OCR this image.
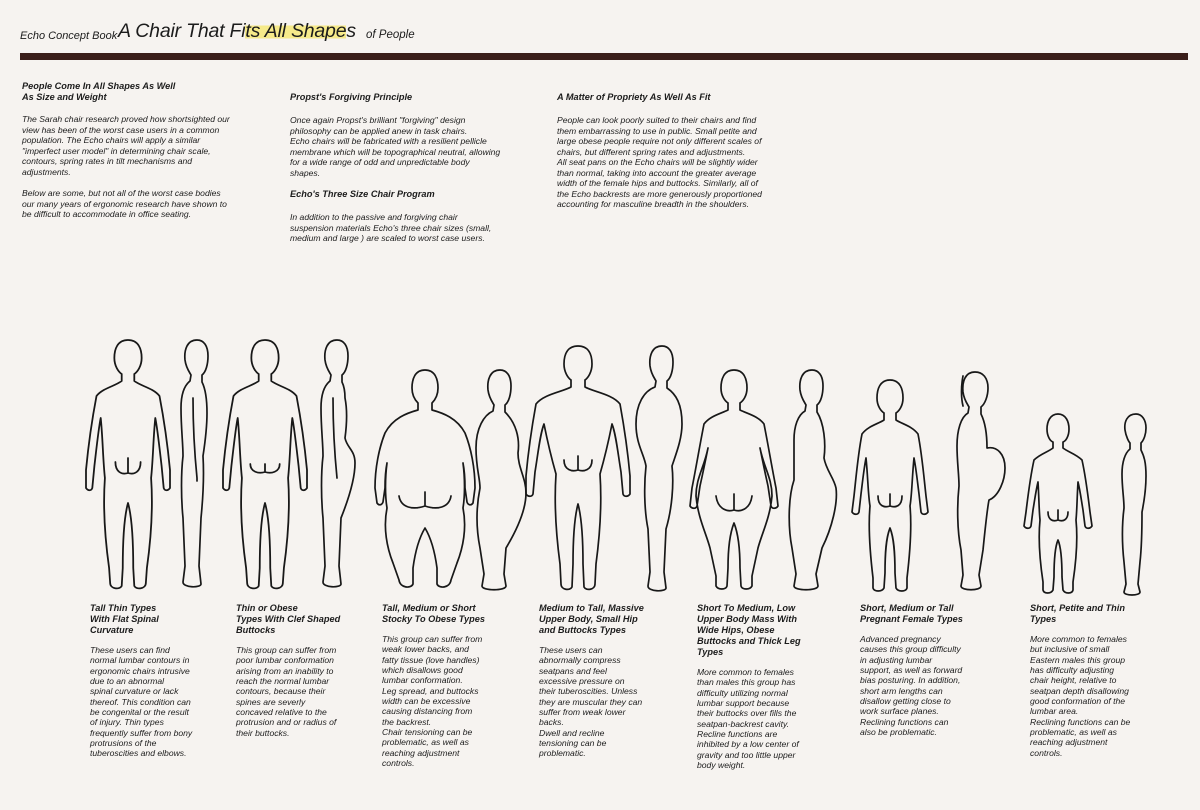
Echo Concept Book A Chair That Fits All Shapes of People
People Come In All Shapes As Well
As Size and Weight

The Sarah chair research proved how shortsighted our
view has been of the worst case users in a common
population. The Echo chairs will apply a similar
"imperfect user model" in determining chair scale,
contours, spring rates in tilt mechanisms and
adjustments.

Below are some, but not all of the worst case bodies
our many years of ergonomic research have shown to
be difficult to accommodate in office seating.

Propst's Forgiving Principle

Once again Propst's brilliant "forgiving" design
philosophy can be applied anew in task chairs.
Echo chairs will be fabricated with a resilient pellicle
membrane which will be topographical neutral, allowing
for a wide range of odd and unpredictable body
shapes.

Echo's Three Size Chair Program

In addition to the passive and forgiving chair
suspension materials Echo's three chair sizes (small,
medium and large ) are scaled to worst case users.

A Matter of Propriety As Well As Fit

People can look poorly suited to their chairs and find
them embarrassing to use in public. Small petite and
large obese people require not only different scales of
chairs, but different spring rates and adjustments.
All seat pans on the Echo chairs will be slightly wider
than normal, taking into account the greater average
width of the female hips and buttocks. Similarly, all of
the Echo backrests are more generously proportioned
accounting for masculine breadth in the shoulders.

Tall Thin Types
With Flat Spinal
Curvature

These users can find
normal lumbar contours in
ergonomic chairs intrusive
due to an abnormal
spinal curvature or lack
thereof. This condition can
be congenital or the result
of injury. Thin types
frequently suffer from bony
protrusions of the
tuberoscities and elbows.

Thin or Obese
Types With Clef Shaped
Buttocks

This group can suffer from
poor lumbar conformation
arising from an inability to
reach the normal lumbar
contours, because their
spines are severly
concaved relative to the
protrusion and or radius of
their buttocks.

Tall, Medium or Short
Stocky To Obese Types

This group can suffer from
weak lower backs, and
fatty tissue (love handles)
which disallows good
lumbar conformation.
Leg spread, and buttocks
width can be excessive
causing distancing from
the backrest.
Chair tensioning can be
problematic, as well as
reaching adjustment
controls.

Medium to Tall, Massive
Upper Body, Small Hip
and Buttocks Types

These users can
abnormally compress
seatpans and feel
excessive pressure on
their tuberoscities. Unless
they are muscular they can
suffer from weak lower
backs.
Dwell and recline
tensioning can be
problematic.

Short To Medium, Low
Upper Body Mass With
Wide Hips, Obese
Buttocks and Thick Leg
Types

More common to females
than males this group has
difficulty utilizing normal
lumbar support because
their buttocks over fills the
seatpan-backrest cavity.
Recline functions are
inhibited by a low center of
gravity and too little upper
body weight.

Short, Medium or Tall
Pregnant Female Types

Advanced pregnancy
causes this group difficulty
in adjusting lumbar
support, as well as forward
bias posturing. In addition,
short arm lengths can
disallow getting close to
work surface planes.
Reclining functions can
also be problematic.

Short, Petite and Thin
Types

More common to females
but inclusive of small
Eastern males this group
has difficulty adjusting
chair height, relative to
seatpan depth disallowing
good conformation of the
lumbar area.
Reclining functions can be
problematic, as well as
reaching adjustment
controls.
